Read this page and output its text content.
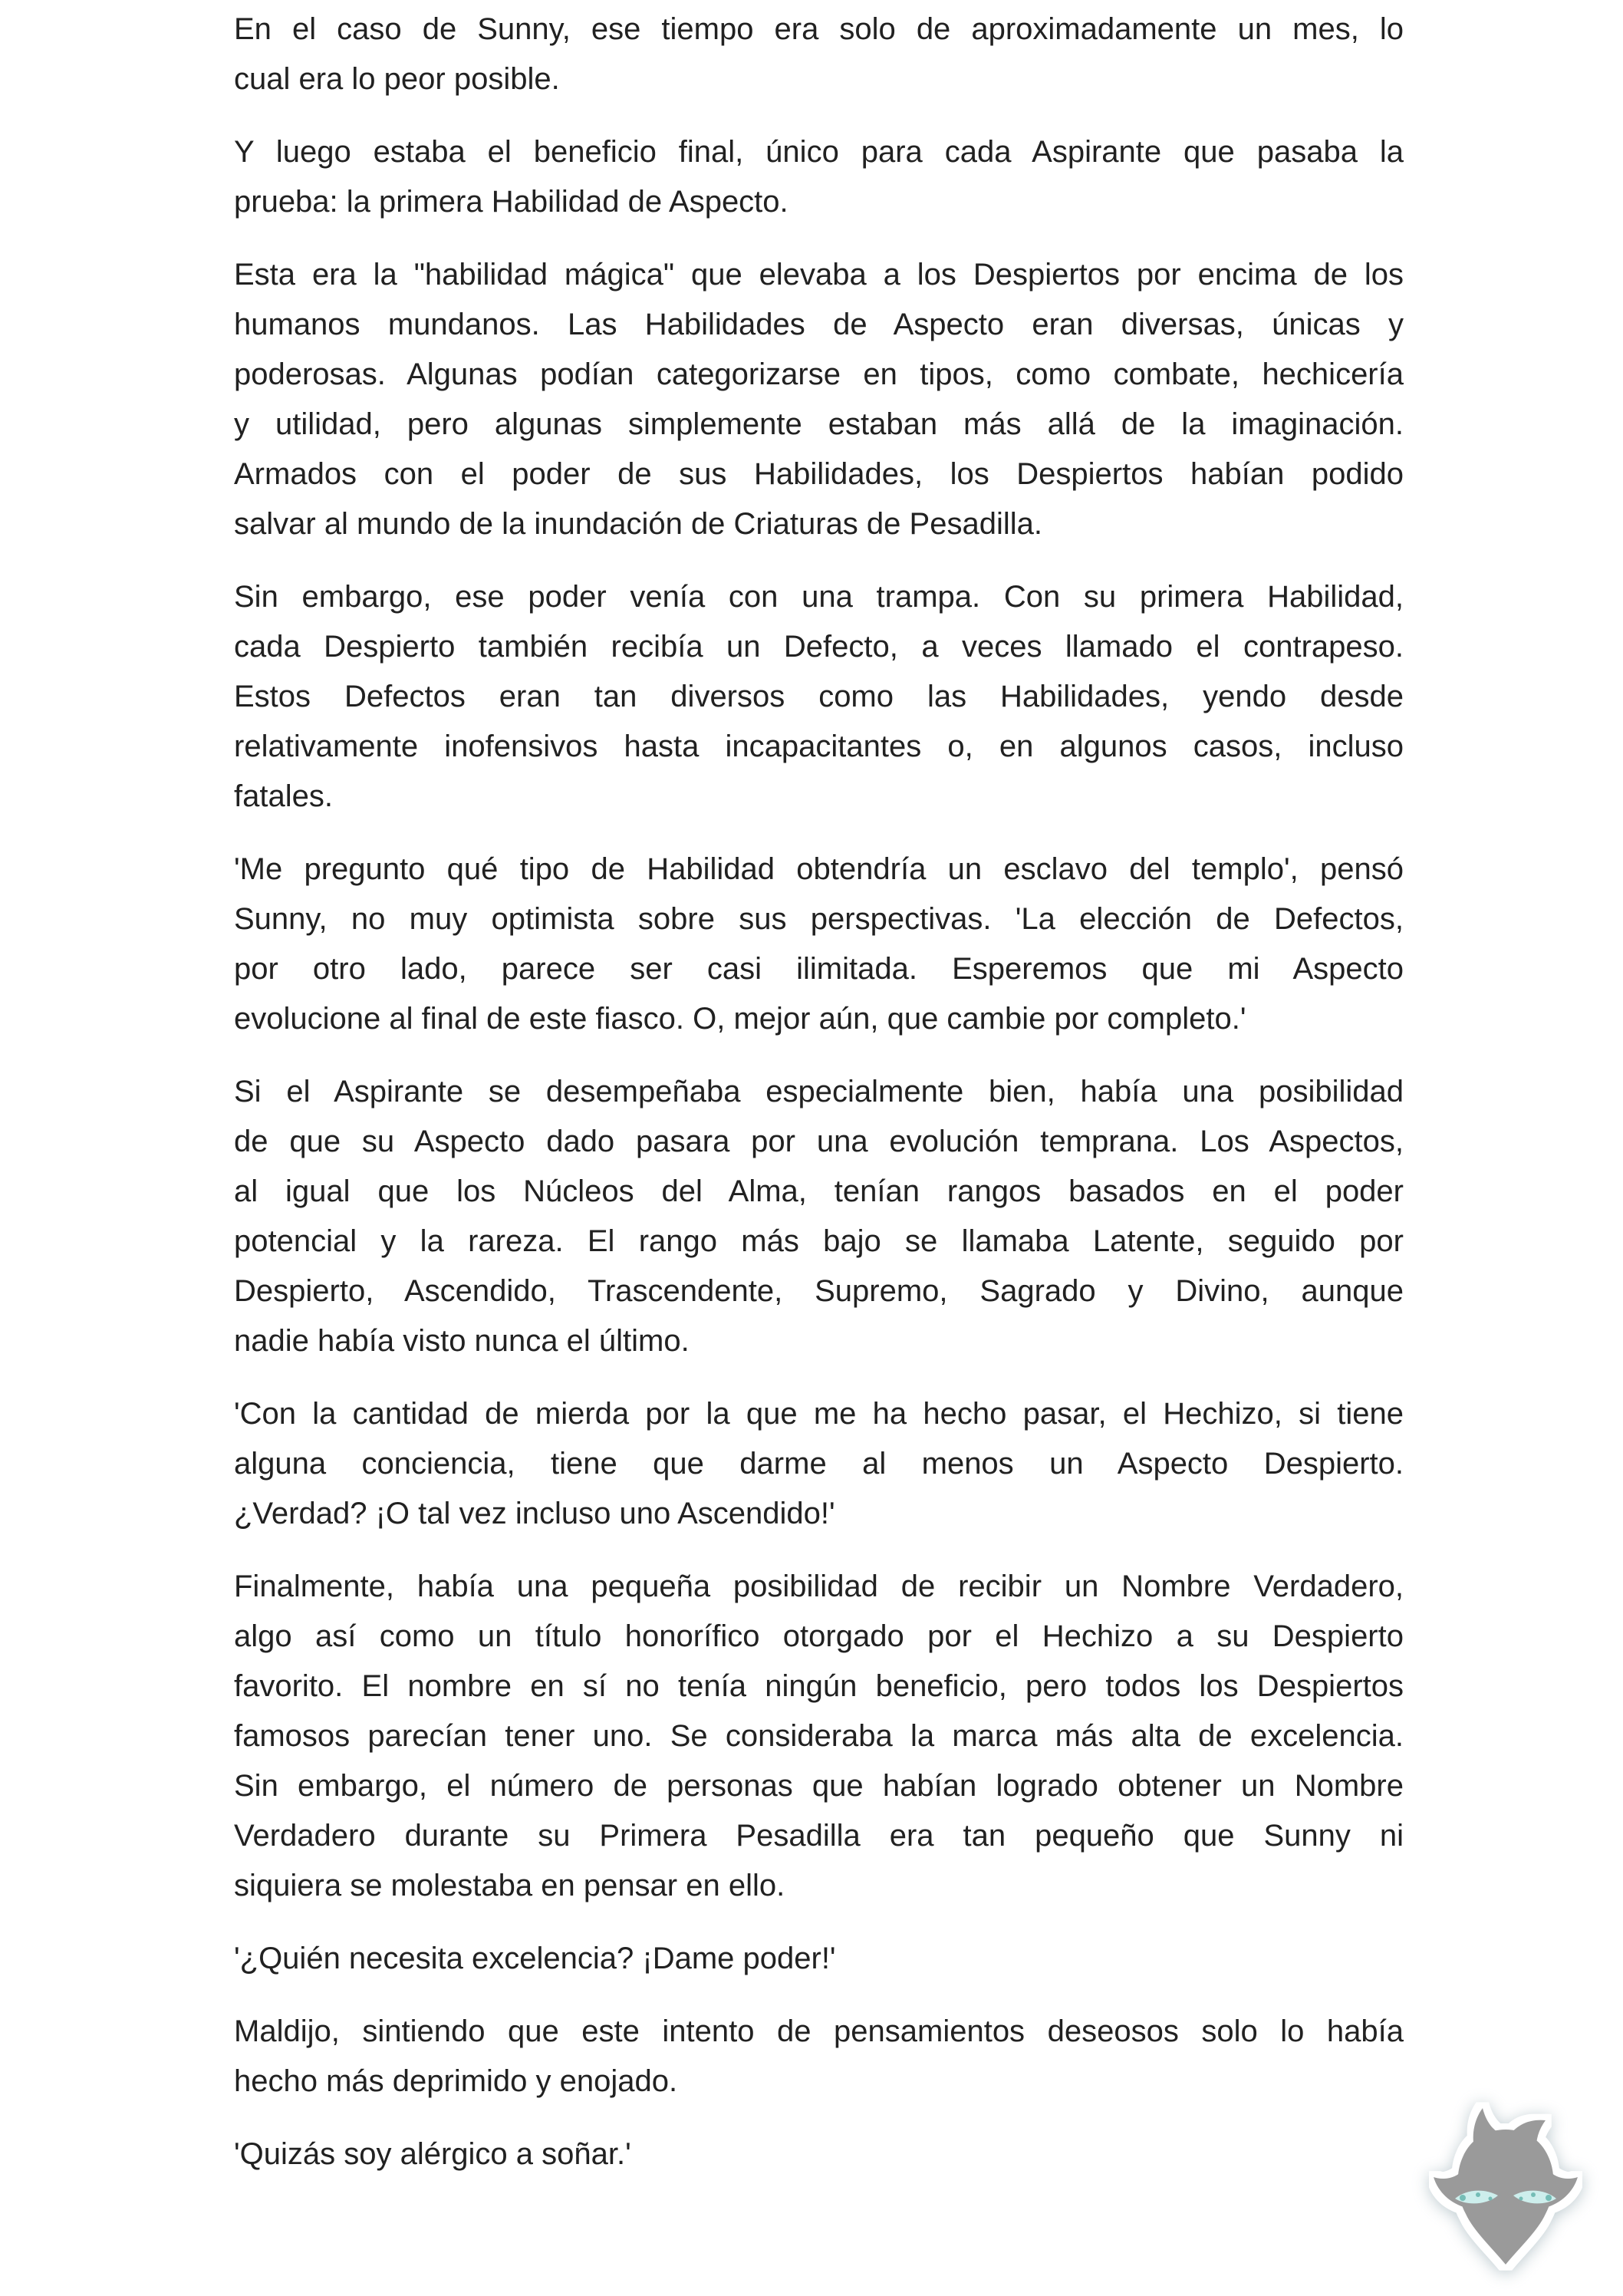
En el caso de Sunny, ese tiempo era solo de aproximadamente un mes, lo
cual era lo peor posible.

Y luego estaba el beneficio final, único para cada Aspirante que pasaba la
prueba: la primera Habilidad de Aspecto.

Esta era la "habilidad mágica" que elevaba a los Despiertos por encima de los
humanos mundanos. Las Habilidades de Aspecto eran diversas, únicas y
poderosas. Algunas podían categorizarse en tipos, como combate, hechicería
y utilidad, pero algunas simplemente estaban más allá de la imaginación.
Armados con el poder de sus Habilidades, los Despiertos habían podido
salvar al mundo de la inundación de Criaturas de Pesadilla.

Sin embargo, ese poder venía con una trampa. Con su primera Habilidad,
cada Despierto también recibía un Defecto, a veces llamado el contrapeso.
Estos Defectos eran tan diversos como las Habilidades, yendo desde
relativamente inofensivos hasta incapacitantes o, en algunos casos, incluso
fatales.

'Me pregunto qué tipo de Habilidad obtendría un esclavo del templo', pensó
Sunny, no muy optimista sobre sus perspectivas. 'La elección de Defectos,
por otro lado, parece ser casi ilimitada. Esperemos que mi Aspecto
evolucione al final de este fiasco. O, mejor aún, que cambie por completo.'

Si el Aspirante se desempeñaba especialmente bien, había una posibilidad
de que su Aspecto dado pasara por una evolución temprana. Los Aspectos,
al igual que los Núcleos del Alma, tenían rangos basados en el poder
potencial y la rareza. El rango más bajo se llamaba Latente, seguido por
Despierto, Ascendido, Trascendente, Supremo, Sagrado y Divino, aunque
nadie había visto nunca el último.

'Con la cantidad de mierda por la que me ha hecho pasar, el Hechizo, si tiene
alguna conciencia, tiene que darme al menos un Aspecto Despierto.
¿Verdad? ¡O tal vez incluso uno Ascendido!'

Finalmente, había una pequeña posibilidad de recibir un Nombre Verdadero,
algo así como un título honorífico otorgado por el Hechizo a su Despierto
favorito. El nombre en sí no tenía ningún beneficio, pero todos los Despiertos
famosos parecían tener uno. Se consideraba la marca más alta de excelencia.
Sin embargo, el número de personas que habían logrado obtener un Nombre
Verdadero durante su Primera Pesadilla era tan pequeño que Sunny ni
siquiera se molestaba en pensar en ello.

'¿Quién necesita excelencia? ¡Dame poder!'

Maldijo, sintiendo que este intento de pensamientos deseosos solo lo había
hecho más deprimido y enojado.

'Quizás soy alérgico a soñar.'
